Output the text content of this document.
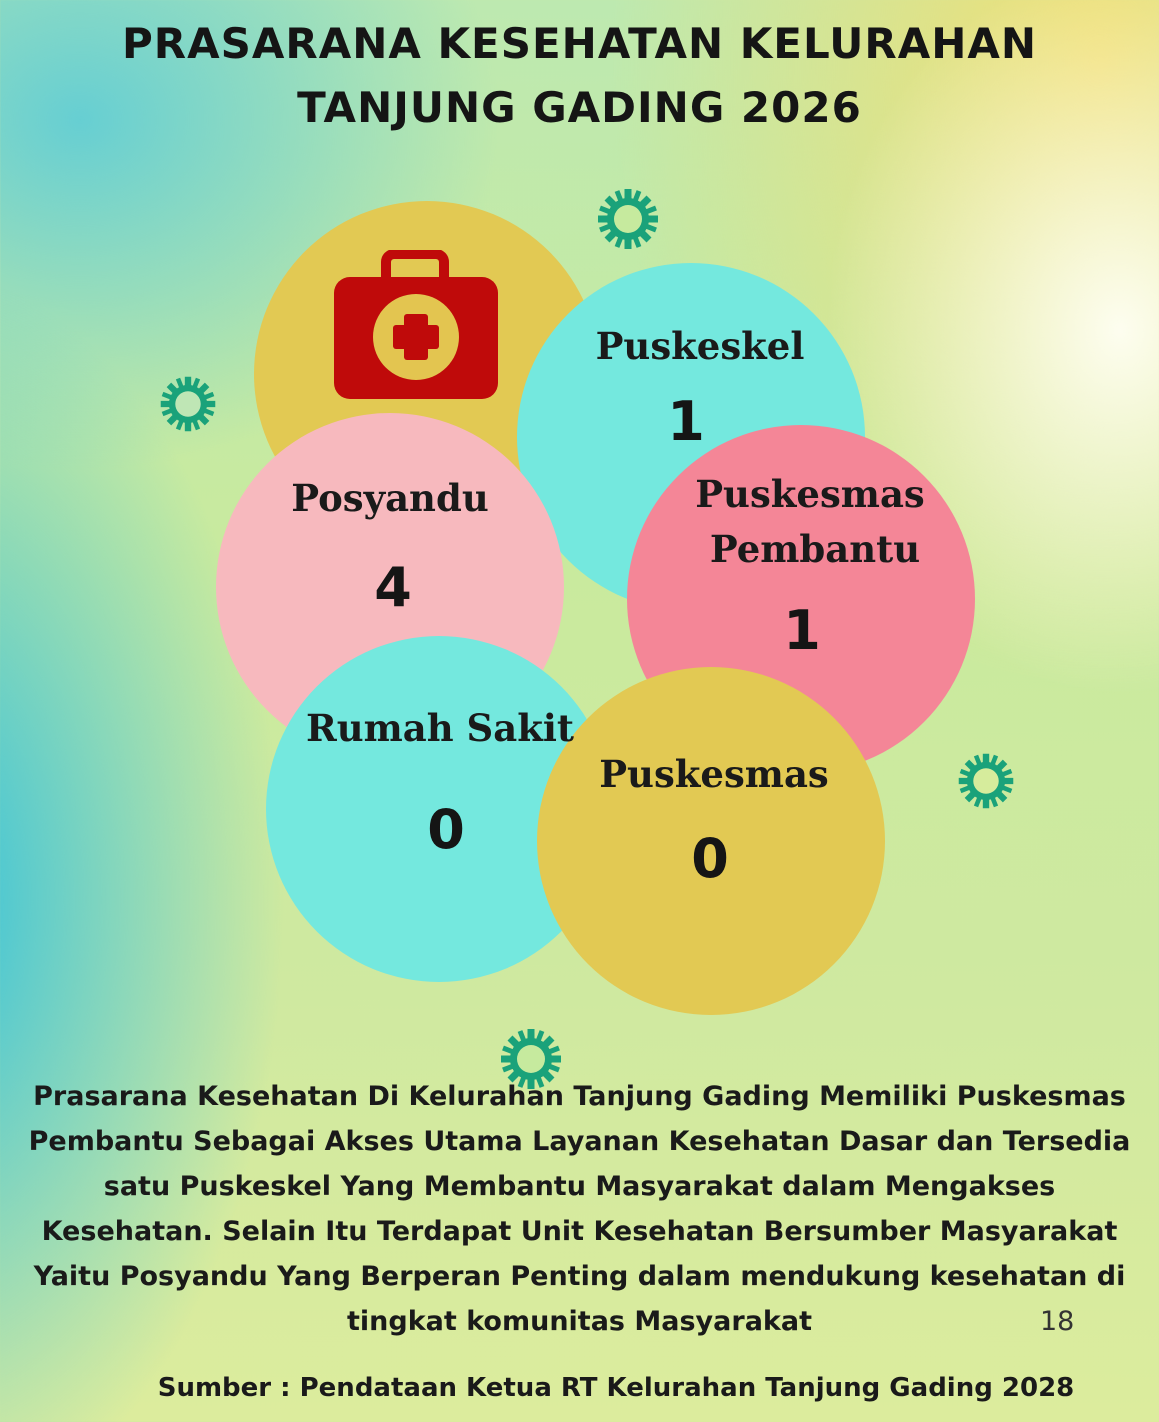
PRASARANA KESEHATAN KELURAHAN
TANJUNG GADING 2026
Puskeskel
1
Posyandu
4
Puskesmas
Pembantu
1
Rumah Sakit
0
Puskesmas
0
Prasarana Kesehatan Di Kelurahan Tanjung Gading Memiliki Puskesmas
Pembantu Sebagai Akses Utama Layanan Kesehatan Dasar dan Tersedia
satu Puskeskel Yang Membantu Masyarakat dalam Mengakses
Kesehatan. Selain Itu Terdapat Unit Kesehatan Bersumber Masyarakat
Yaitu Posyandu Yang Berperan Penting dalam mendukung kesehatan di
tingkat komunitas Masyarakat	18
Sumber : Pendataan Ketua RT Kelurahan Tanjung Gading 2028
